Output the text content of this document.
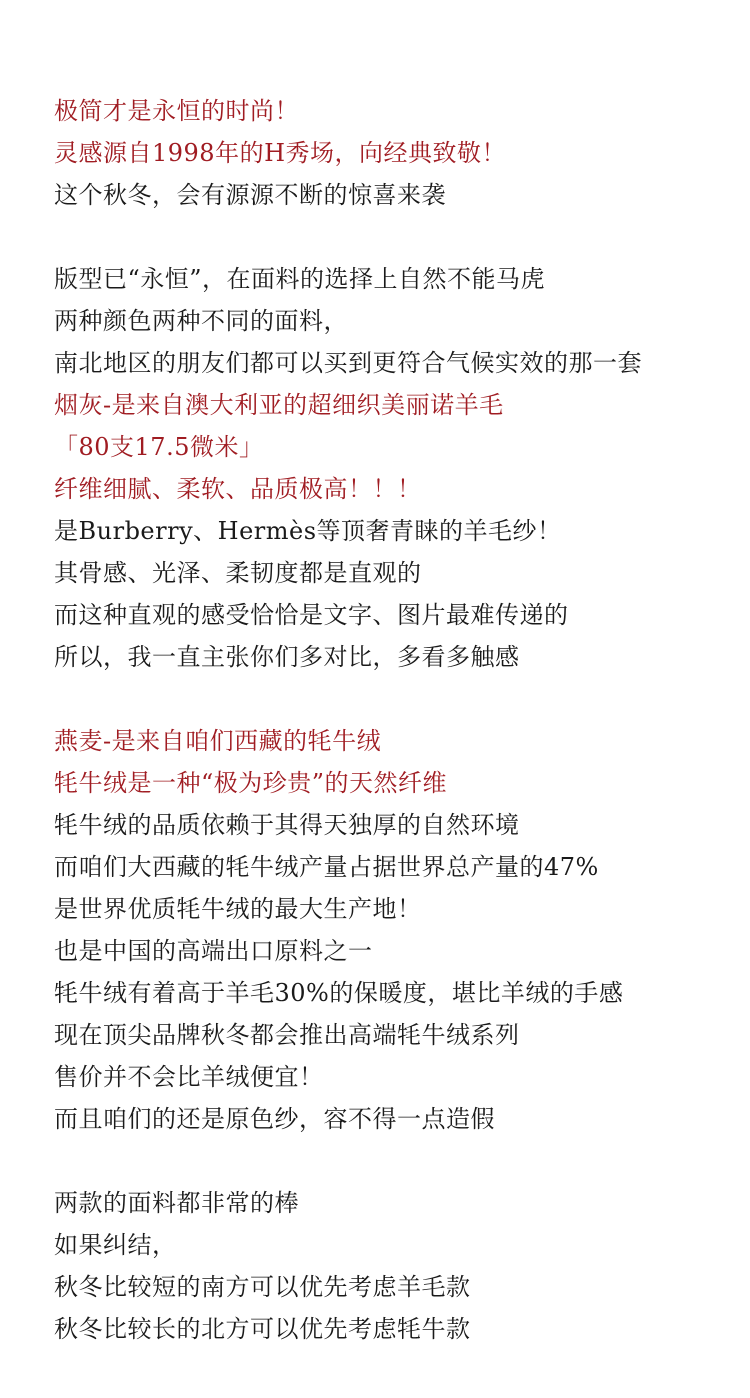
极简才是永恒的时尚！
灵感源自1998年的H秀场，向经典致敬！
这个秋冬，会有源源不断的惊喜来袭
版型已“永恒”，在面料的选择上自然不能马虎
两种颜色两种不同的面料，
南北地区的朋友们都可以买到更符合气候实效的那一套
烟灰-是来自澳大利亚的超细织美丽诺羊毛
「80支17.5微米」
纤维细腻、柔软、品质极高！！！
是Burberry、Hermès等顶奢青睐的羊毛纱！
其骨感、光泽、柔韧度都是直观的
而这种直观的感受恰恰是文字、图片最难传递的
所以，我一直主张你们多对比，多看多触感
燕麦-是来自咱们西藏的牦牛绒
牦牛绒是一种“极为珍贵”的天然纤维
牦牛绒的品质依赖于其得天独厚的自然环境
而咱们大西藏的牦牛绒产量占据世界总产量的47%
是世界优质牦牛绒的最大生产地！
也是中国的高端出口原料之一
牦牛绒有着高于羊毛30%的保暖度，堪比羊绒的手感
现在顶尖品牌秋冬都会推出高端牦牛绒系列
售价并不会比羊绒便宜！
而且咱们的还是原色纱，容不得一点造假
两款的面料都非常的棒
如果纠结，
秋冬比较短的南方可以优先考虑羊毛款
秋冬比较长的北方可以优先考虑牦牛款
